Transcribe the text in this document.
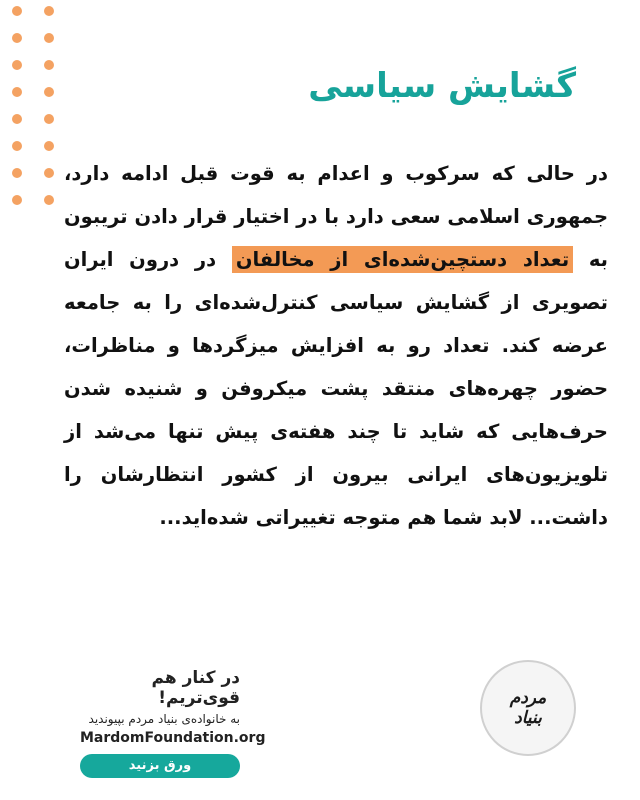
گشایش سیاسی
در حالی که سرکوب و اعدام به قوت قبل ادامه دارد، جمهوری اسلامی سعی دارد با در اختیار قرار دادن تریبون به تعداد دستچین‌شده‌ای از مخالفان در درون ایران تصویری از گشایش سیاسی کنترل‌شده‌ای را به جامعه عرضه کند. تعداد رو به افزایش میزگردها و مناظرات، حضور چهره‌های منتقد پشت میکروفن و شنیده شدن حرف‌هایی که شاید تا چند هفته‌ی پیش تنها می‌شد از تلویزیون‌های ایرانی بیرون از کشور انتظارشان را داشت... لابد شما هم متوجه تغییراتی شده‌اید...

در کنار هم قوی‌تریم!

به خانواده‌ی بنیاد مردم بپیوندید

MardomFoundation.org

ورق بزنید
مردم
بنیاد
